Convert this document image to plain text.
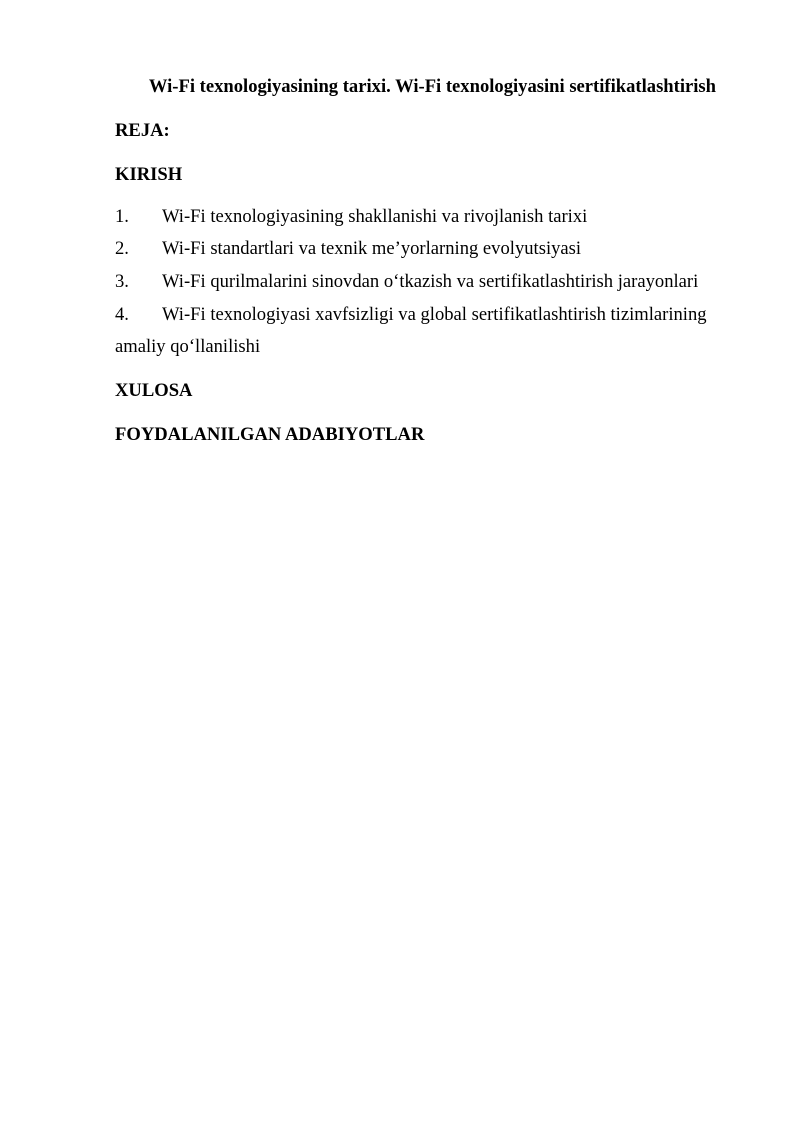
Wi-Fi texnologiyasining tarixi. Wi-Fi texnologiyasini sertifikatlashtirish
REJA:
KIRISH
1. Wi-Fi texnologiyasining shakllanishi va rivojlanish tarixi
2. Wi-Fi standartlari va texnik me’yorlarning evolyutsiyasi
3. Wi-Fi qurilmalarini sinovdan o‘tkazish va sertifikatlashtirish jarayonlari
4. Wi-Fi texnologiyasi xavfsizligi va global sertifikatlashtirish tizimlarining
amaliy qo‘llanilishi
XULOSA
FOYDALANILGAN ADABIYOTLAR
